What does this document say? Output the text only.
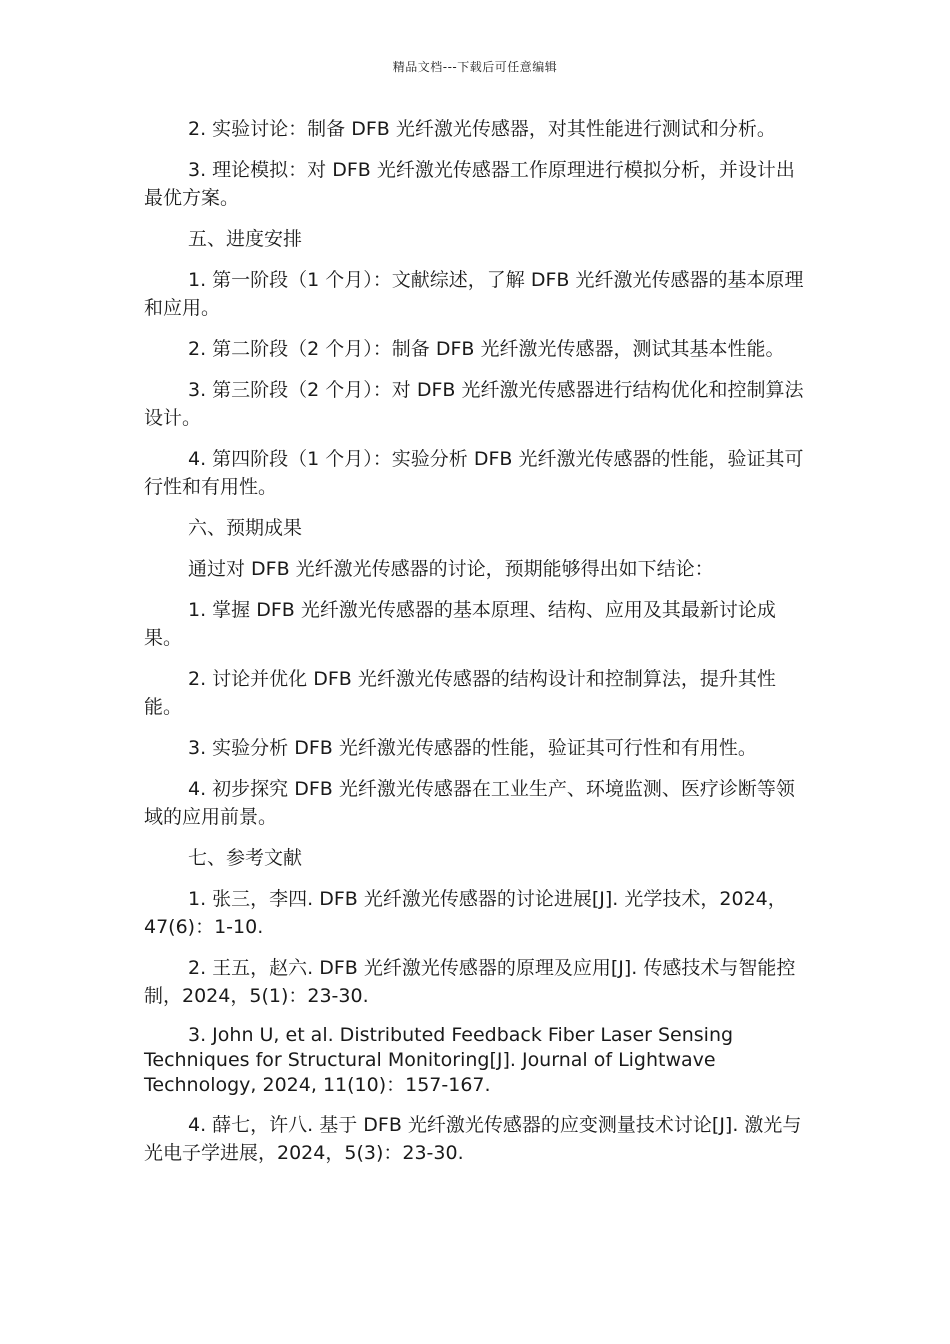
精品文档---下载后可任意编辑

2. 实验讨论：制备 DFB 光纤激光传感器，对其性能进行测试和分析。

3. 理论模拟：对 DFB 光纤激光传感器工作原理进行模拟分析，并设计出最优方案。

五、进度安排

1. 第一阶段（1 个月）：文献综述，了解 DFB 光纤激光传感器的基本原理和应用。

2. 第二阶段（2 个月）：制备 DFB 光纤激光传感器，测试其基本性能。

3. 第三阶段（2 个月）：对 DFB 光纤激光传感器进行结构优化和控制算法设计。

4. 第四阶段（1 个月）：实验分析 DFB 光纤激光传感器的性能，验证其可行性和有用性。

六、预期成果

通过对 DFB 光纤激光传感器的讨论，预期能够得出如下结论：

1. 掌握 DFB 光纤激光传感器的基本原理、结构、应用及其最新讨论成果。

2. 讨论并优化 DFB 光纤激光传感器的结构设计和控制算法，提升其性能。

3. 实验分析 DFB 光纤激光传感器的性能，验证其可行性和有用性。

4. 初步探究 DFB 光纤激光传感器在工业生产、环境监测、医疗诊断等领域的应用前景。

七、参考文献

1. 张三，李四. DFB 光纤激光传感器的讨论进展[J]. 光学技术，2024，47(6)：1-10.

2. 王五，赵六. DFB 光纤激光传感器的原理及应用[J]. 传感技术与智能控制，2024，5(1)：23-30.

3. John U, et al. Distributed Feedback Fiber Laser Sensing Techniques for Structural Monitoring[J]. Journal of Lightwave Technology, 2024, 11(10)：157-167.

4. 薛七，许八. 基于 DFB 光纤激光传感器的应变测量技术讨论[J]. 激光与光电子学进展，2024，5(3)：23-30.
